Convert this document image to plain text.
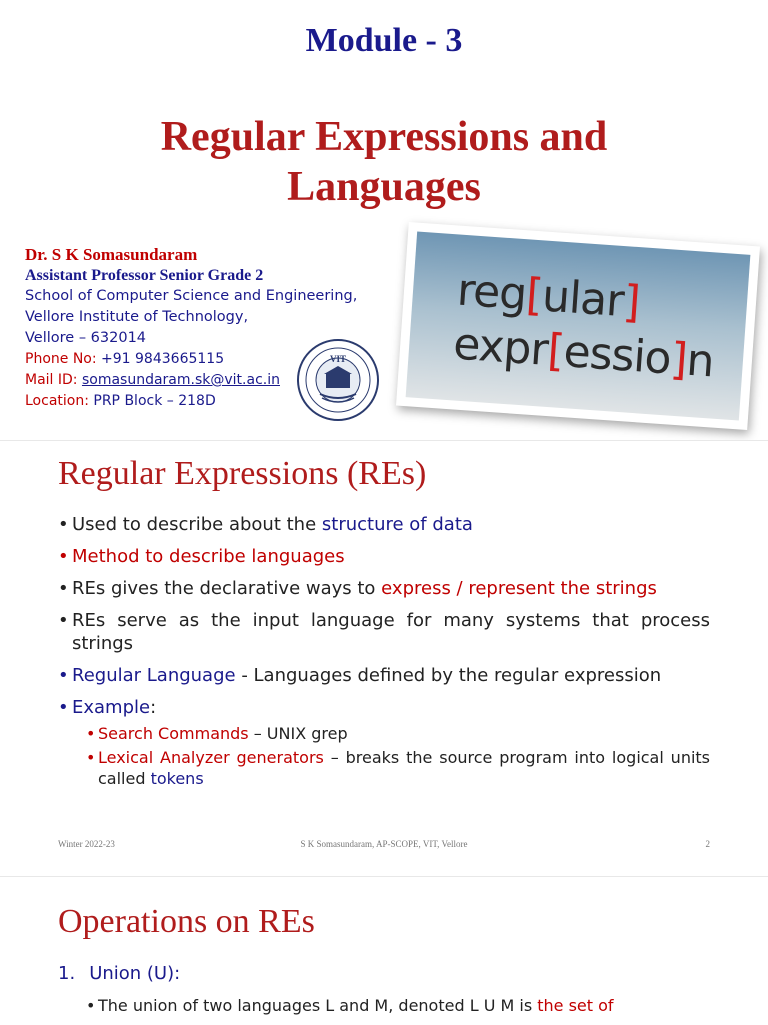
Module - 3
Regular Expressions and
Languages
Dr. S K Somasundaram
Assistant Professor Senior Grade 2
School of Computer Science and Engineering,
Vellore Institute of Technology,
Vellore – 632014
Phone No: +91 9843665115
Mail ID: somasundaram.sk@vit.ac.in
Location: PRP Block – 218D
VIT
reg[ular]
expr[essio]n
Regular Expressions (REs)
• Used to describe about the structure of data
• Method to describe languages
• REs gives the declarative ways to express / represent the strings
• REs serve as the input language for many systems that process strings
• Regular Language - Languages defined by the regular expression
• Example:
• Search Commands – UNIX grep
• Lexical Analyzer generators – breaks the source program into logical units called tokens
Winter 2022-23	S K Somasundaram, AP-SCOPE, VIT, Vellore	2
Operations on REs
1. Union (U):
• The union of two languages L and M, denoted L U M is the set of
